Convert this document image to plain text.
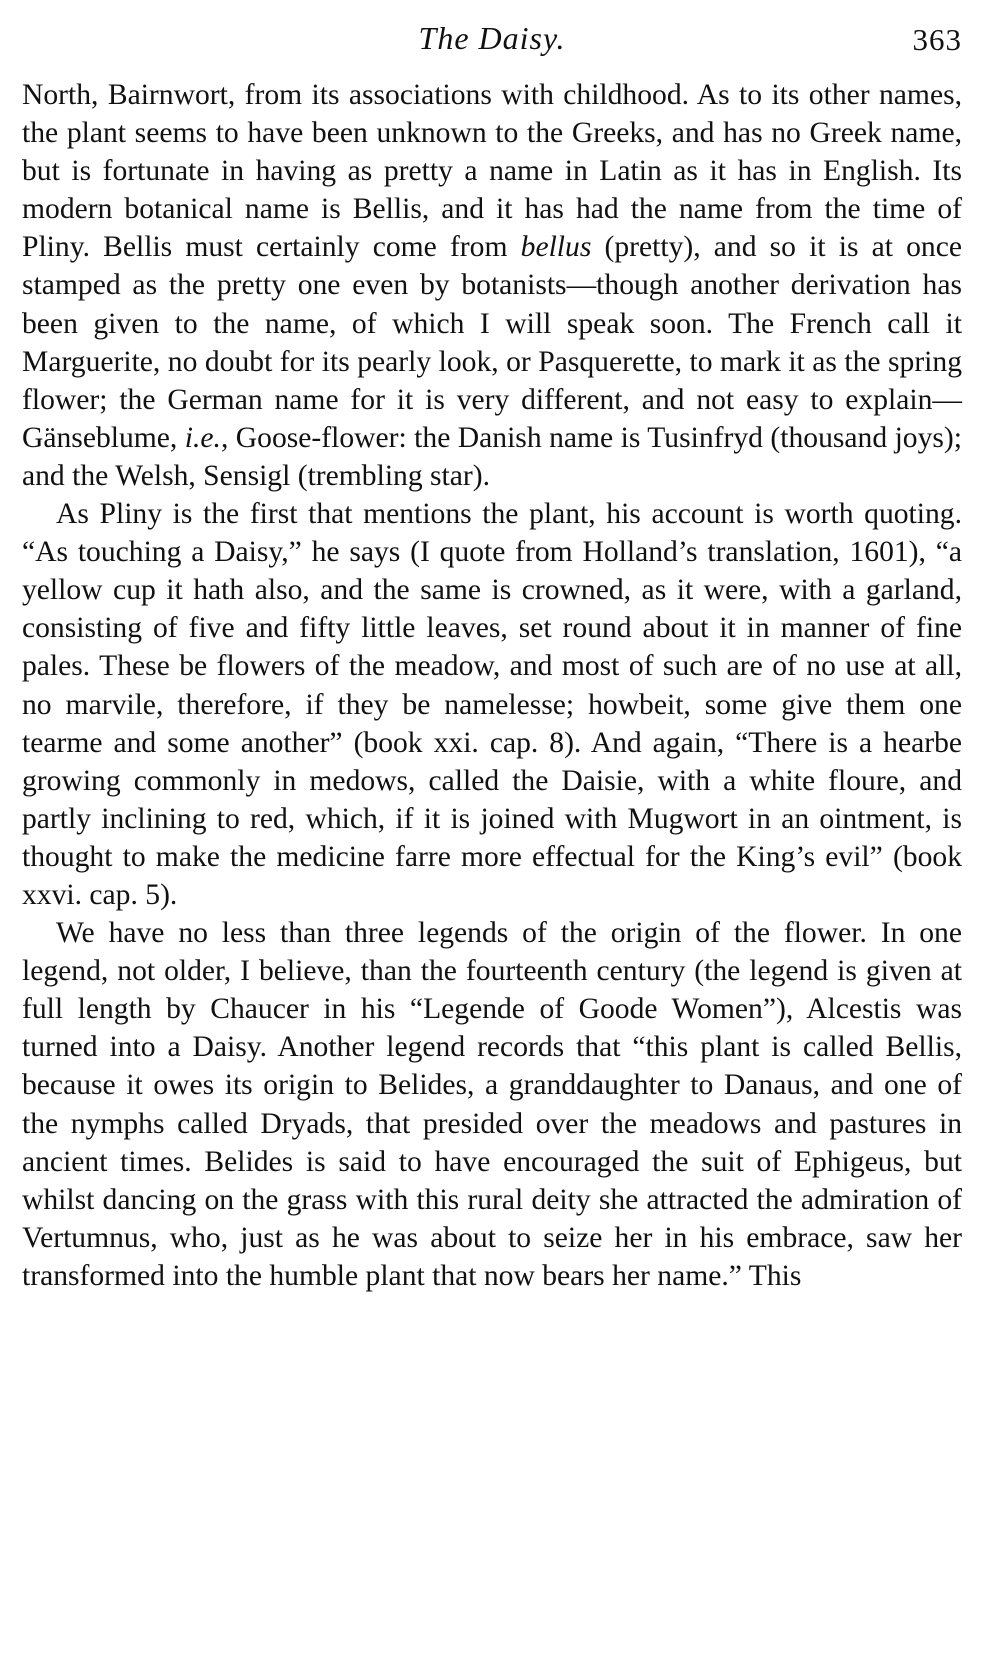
The Daisy.	363

North, Bairnwort, from its associations with childhood. As to its other names, the plant seems to have been unknown to the Greeks, and has no Greek name, but is fortunate in having as pretty a name in Latin as it has in English. Its modern botanical name is Bellis, and it has had the name from the time of Pliny. Bellis must certainly come from bellus (pretty), and so it is at once stamped as the pretty one even by botanists—though another derivation has been given to the name, of which I will speak soon. The French call it Marguerite, no doubt for its pearly look, or Pasquerette, to mark it as the spring flower; the German name for it is very different, and not easy to explain—Gänseblume, i.e., Goose-flower: the Danish name is Tusinfryd (thousand joys); and the Welsh, Sensigl (trembling star).

As Pliny is the first that mentions the plant, his account is worth quoting. “As touching a Daisy,” he says (I quote from Holland’s translation, 1601), “a yellow cup it hath also, and the same is crowned, as it were, with a garland, consisting of five and fifty little leaves, set round about it in manner of fine pales. These be flowers of the meadow, and most of such are of no use at all, no marvile, therefore, if they be namelesse; howbeit, some give them one tearme and some another” (book xxi. cap. 8). And again, “There is a hearbe growing commonly in medows, called the Daisie, with a white floure, and partly inclining to red, which, if it is joined with Mugwort in an ointment, is thought to make the medicine farre more effectual for the King’s evil” (book xxvi. cap. 5).

We have no less than three legends of the origin of the flower. In one legend, not older, I believe, than the fourteenth century (the legend is given at full length by Chaucer in his “Legende of Goode Women”), Alcestis was turned into a Daisy. Another legend records that “this plant is called Bellis, because it owes its origin to Belides, a granddaughter to Danaus, and one of the nymphs called Dryads, that presided over the meadows and pastures in ancient times. Belides is said to have encouraged the suit of Ephigeus, but whilst dancing on the grass with this rural deity she attracted the admiration of Vertumnus, who, just as he was about to seize her in his embrace, saw her transformed into the humble plant that now bears her name.” This
